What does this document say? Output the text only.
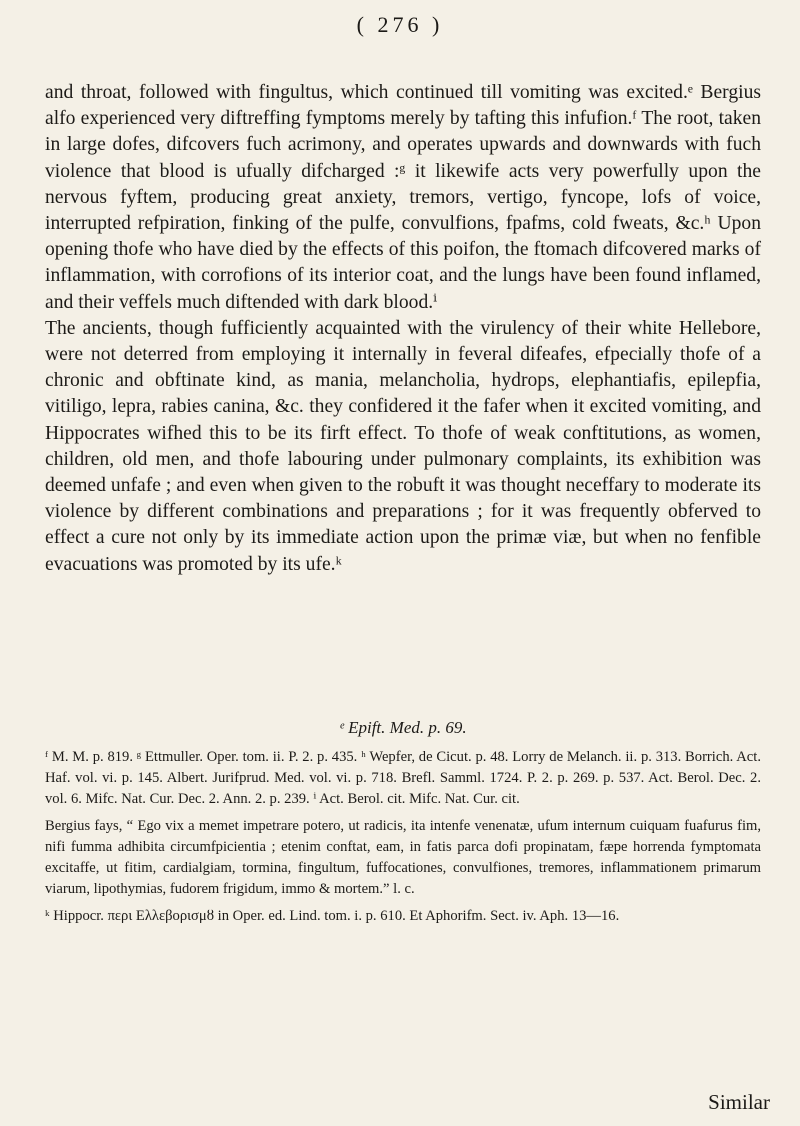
( 276 )

and throat, followed with fingultus, which continued till vomiting was excited.ᵉ Bergius alfo experienced very diftreffing fymptoms merely by tafting this infufion.ᶠ The root, taken in large dofes, difcovers fuch acrimony, and operates upwards and downwards with fuch violence that blood is ufually difcharged :ᵍ it likewife acts very powerfully upon the nervous fyftem, producing great anxiety, tremors, vertigo, fyncope, lofs of voice, interrupted refpiration, finking of the pulfe, convulfions, fpafms, cold fweats, &c.ʰ Upon opening thofe who have died by the effects of this poifon, the ftomach difcovered marks of inflammation, with corrofions of its interior coat, and the lungs have been found inflamed, and their veffels much diftended with dark blood.ⁱ

The ancients, though fufficiently acquainted with the virulency of their white Hellebore, were not deterred from employing it internally in feveral difeafes, efpecially thofe of a chronic and obftinate kind, as mania, melancholia, hydrops, elephantiafis, epilepfia, vitiligo, lepra, rabies canina, &c. they confidered it the fafer when it excited vomiting, and Hippocrates wifhed this to be its firft effect. To thofe of weak conftitutions, as women, children, old men, and thofe labouring under pulmonary complaints, its exhibition was deemed unfafe ; and even when given to the robuft it was thought neceffary to moderate its violence by different combinations and preparations ; for it was frequently obferved to effect a cure not only by its immediate action upon the primæ viæ, but when no fenfible evacuations was promoted by its ufe.ᵏ

ᵉ Epift. Med. p. 69.

ᶠ M. M. p. 819. ᵍ Ettmuller. Oper. tom. ii. P. 2. p. 435. ʰ Wepfer, de Cicut. p. 48. Lorry de Melanch. ii. p. 313. Borrich. Act. Haf. vol. vi. p. 145. Albert. Jurifprud. Med. vol. vi. p. 718. Brefl. Samml. 1724. P. 2. p. 269. p. 537. Act. Berol. Dec. 2. vol. 6. Mifc. Nat. Cur. Dec. 2. Ann. 2. p. 239. ⁱ Act. Berol. cit. Mifc. Nat. Cur. cit.

Bergius fays, “ Ego vix a memet impetrare potero, ut radicis, ita intenfe venenatæ, ufum internum cuiquam fuafurus fim, nifi fumma adhibita circumfpicientia ; etenim conftat, eam, in fatis parca dofi propinatam, fæpe horrenda fymptomata excitaffe, ut fitim, cardialgiam, tormina, fingultum, fuffocationes, convulfiones, tremores, inflammationem primarum viarum, lipothymias, fudorem frigidum, immo & mortem.” l. c.

ᵏ Hippocr. περι Ελλεβορισμȣ in Oper. ed. Lind. tom. i. p. 610. Et Aphorifm. Sect. iv. Aph. 13—16.

Similar
